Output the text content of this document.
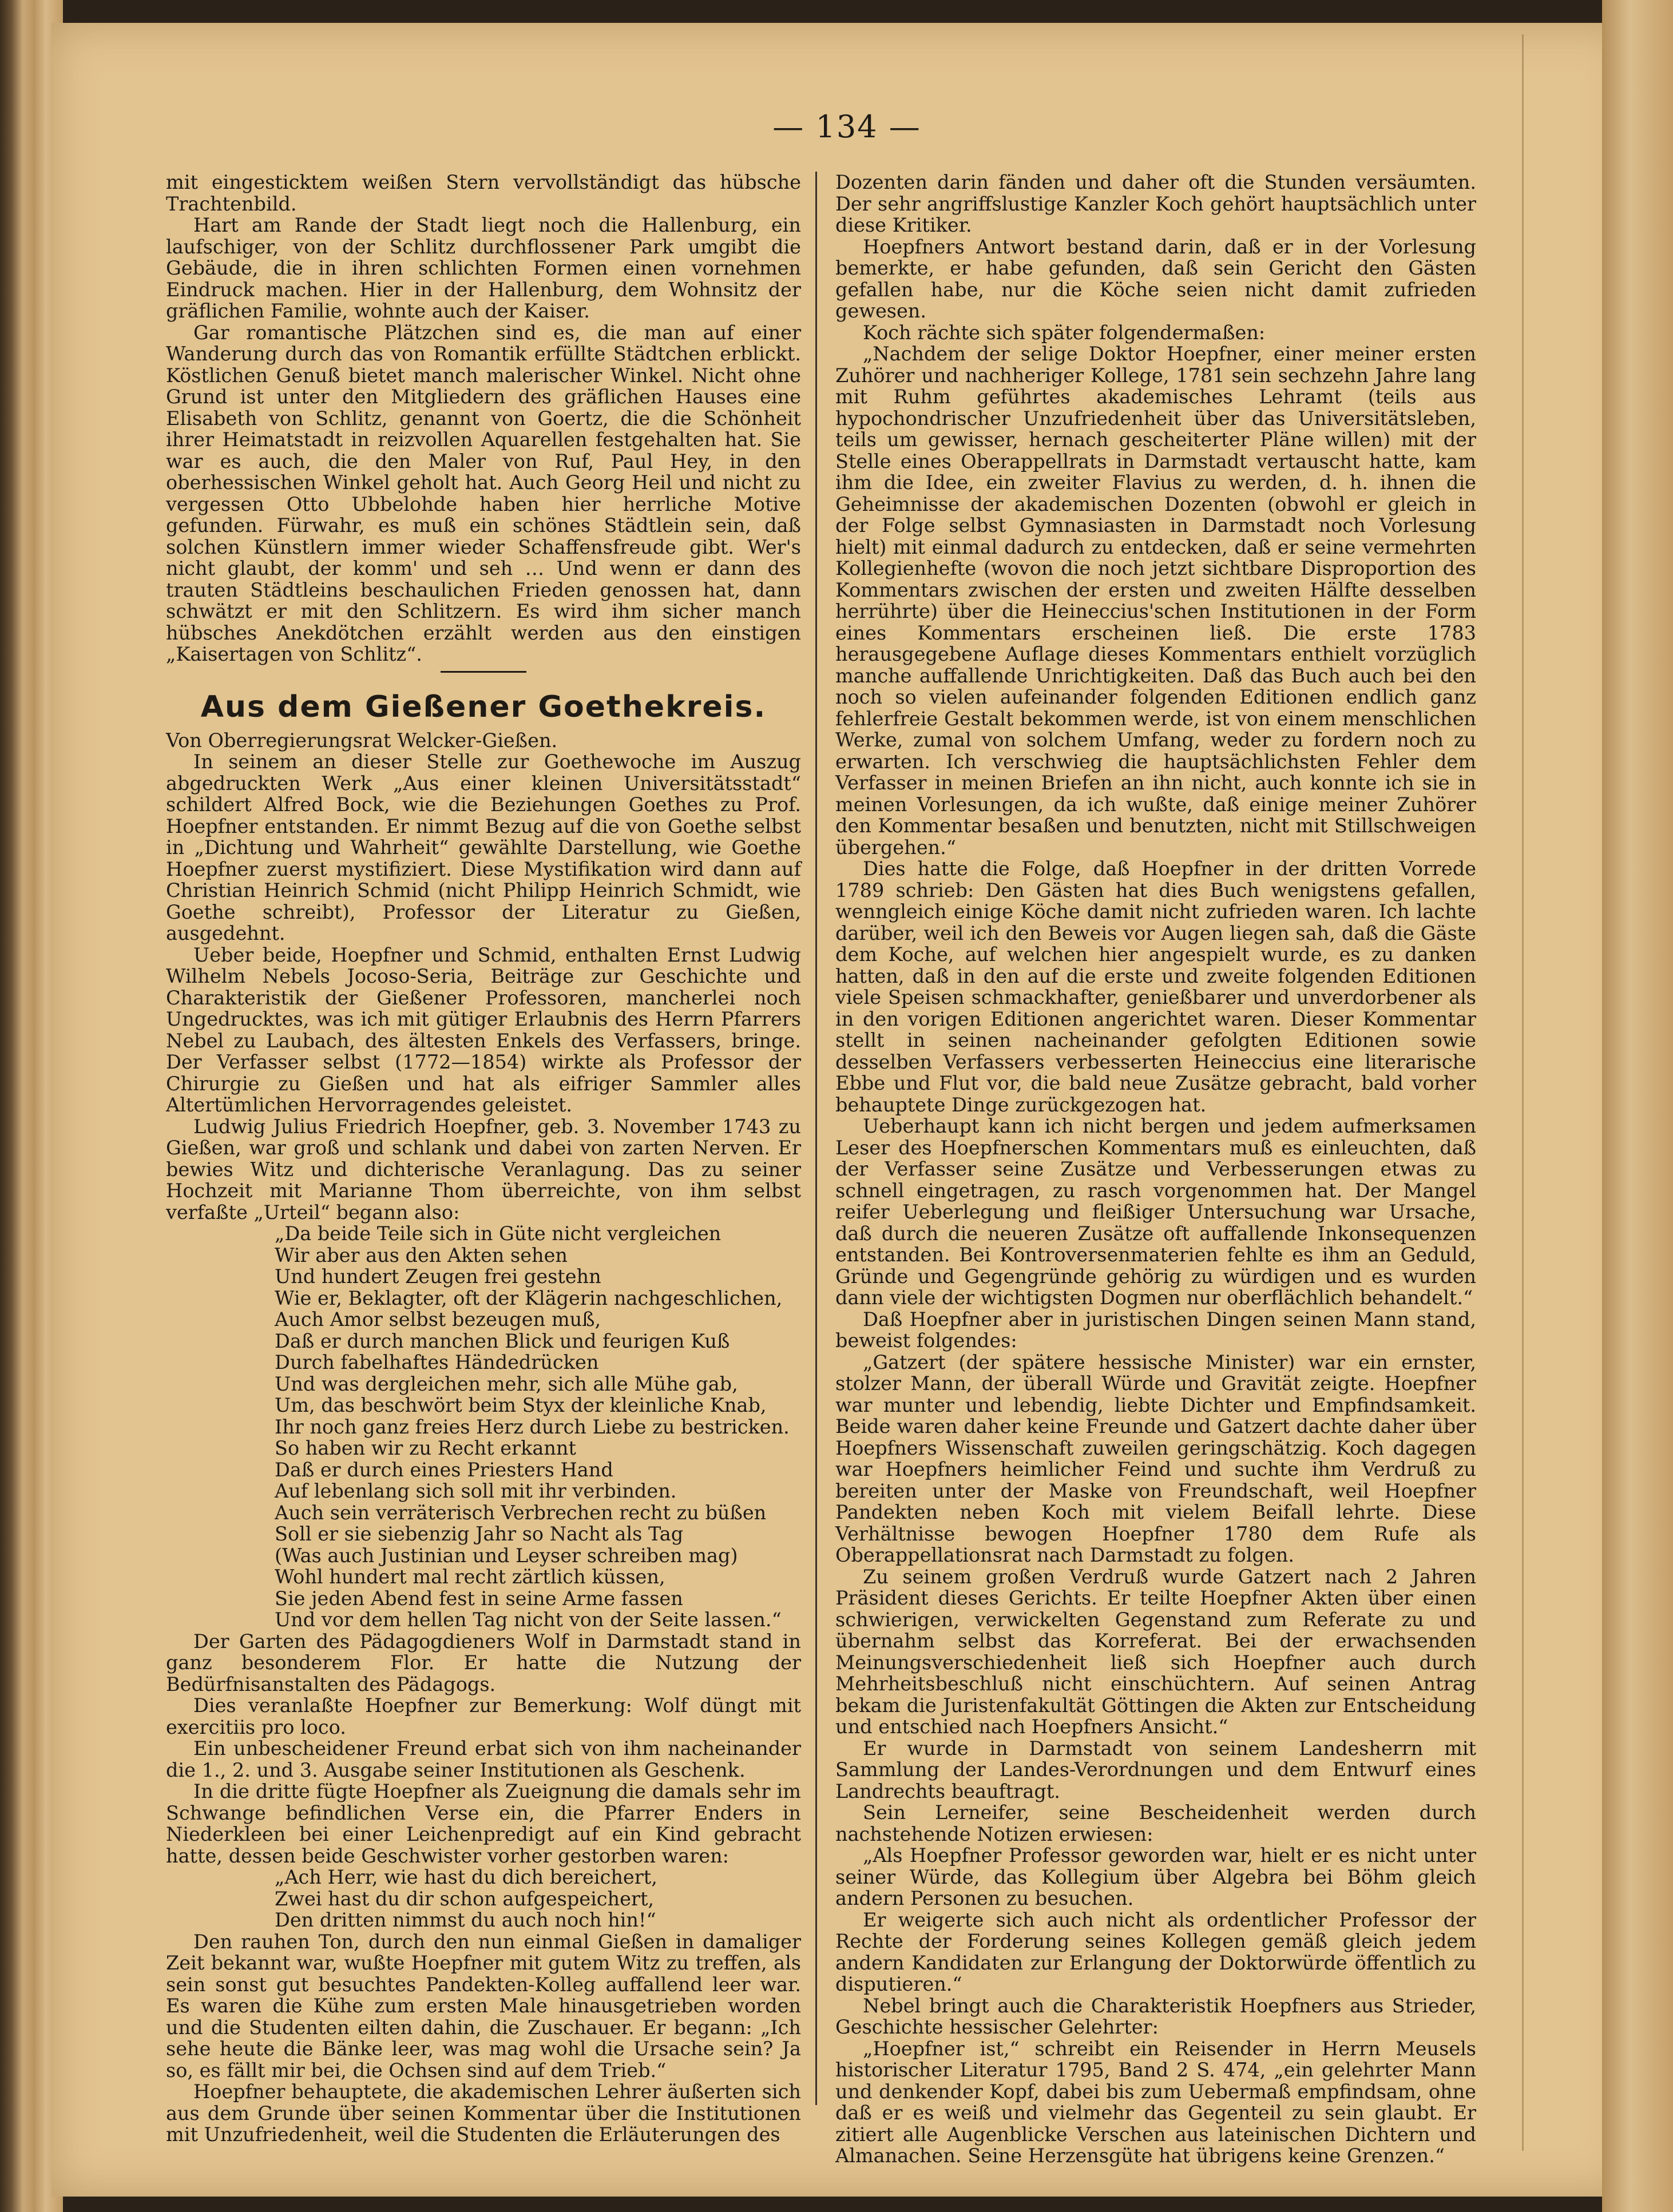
— 134 —

mit eingesticktem weißen Stern vervollständigt das hübsche Trachtenbild.

Hart am Rande der Stadt liegt noch die Hallenburg, ein laufschiger, von der Schlitz durchflossener Park umgibt die Gebäude, die in ihren schlichten Formen einen vornehmen Eindruck machen. Hier in der Hallenburg, dem Wohnsitz der gräflichen Familie, wohnte auch der Kaiser.

Gar romantische Plätzchen sind es, die man auf einer Wanderung durch das von Romantik erfüllte Städtchen erblickt. Köstlichen Genuß bietet manch malerischer Winkel. Nicht ohne Grund ist unter den Mitgliedern des gräflichen Hauses eine Elisabeth von Schlitz, genannt von Goertz, die die Schönheit ihrer Heimatstadt in reizvollen Aquarellen festgehalten hat. Sie war es auch, die den Maler von Ruf, Paul Hey, in den oberhessischen Winkel geholt hat. Auch Georg Heil und nicht zu vergessen Otto Ubbelohde haben hier herrliche Motive gefunden. Fürwahr, es muß ein schönes Städtlein sein, daß solchen Künstlern immer wieder Schaffensfreude gibt. Wer's nicht glaubt, der komm' und seh … Und wenn er dann des trauten Städtleins beschaulichen Frieden genossen hat, dann schwätzt er mit den Schlitzern. Es wird ihm sicher manch hübsches Anekdötchen erzählt werden aus den einstigen „Kaisertagen von Schlitz“.

Aus dem Gießener Goethekreis.

Von Oberregierungsrat Welcker-Gießen.

In seinem an dieser Stelle zur Goethewoche im Auszug abgedruckten Werk „Aus einer kleinen Universitätsstadt“ schildert Alfred Bock, wie die Beziehungen Goethes zu Prof. Hoepfner entstanden. Er nimmt Bezug auf die von Goethe selbst in „Dichtung und Wahrheit“ gewählte Darstellung, wie Goethe Hoepfner zuerst mystifiziert. Diese Mystifikation wird dann auf Christian Heinrich Schmid (nicht Philipp Heinrich Schmidt, wie Goethe schreibt), Professor der Literatur zu Gießen, ausgedehnt.

Ueber beide, Hoepfner und Schmid, enthalten Ernst Ludwig Wilhelm Nebels Jocoso-Seria, Beiträge zur Geschichte und Charakteristik der Gießener Professoren, mancherlei noch Ungedrucktes, was ich mit gütiger Erlaubnis des Herrn Pfarrers Nebel zu Laubach, des ältesten Enkels des Verfassers, bringe. Der Verfasser selbst (1772—1854) wirkte als Professor der Chirurgie zu Gießen und hat als eifriger Sammler alles Altertümlichen Hervorragendes geleistet.

Ludwig Julius Friedrich Hoepfner, geb. 3. November 1743 zu Gießen, war groß und schlank und dabei von zarten Nerven. Er bewies Witz und dichterische Veranlagung. Das zu seiner Hochzeit mit Marianne Thom überreichte, von ihm selbst verfaßte „Urteil“ begann also:

„Da beide Teile sich in Güte nicht vergleichen
Wir aber aus den Akten sehen
Und hundert Zeugen frei gestehn
Wie er, Beklagter, oft der Klägerin nachgeschlichen,
Auch Amor selbst bezeugen muß,
Daß er durch manchen Blick und feurigen Kuß
Durch fabelhaftes Händedrücken
Und was dergleichen mehr, sich alle Mühe gab,
Um, das beschwört beim Styx der kleinliche Knab,
Ihr noch ganz freies Herz durch Liebe zu bestricken.
So haben wir zu Recht erkannt
Daß er durch eines Priesters Hand
Auf lebenlang sich soll mit ihr verbinden.
Auch sein verräterisch Verbrechen recht zu büßen
Soll er sie siebenzig Jahr so Nacht als Tag
(Was auch Justinian und Leyser schreiben mag)
Wohl hundert mal recht zärtlich küssen,
Sie jeden Abend fest in seine Arme fassen
Und vor dem hellen Tag nicht von der Seite lassen.“

Der Garten des Pädagogdieners Wolf in Darmstadt stand in ganz besonderem Flor. Er hatte die Nutzung der Bedürfnisanstalten des Pädagogs.

Dies veranlaßte Hoepfner zur Bemerkung: Wolf düngt mit exercitiis pro loco.

Ein unbescheidener Freund erbat sich von ihm nacheinander die 1., 2. und 3. Ausgabe seiner Institutionen als Geschenk.

In die dritte fügte Hoepfner als Zueignung die damals sehr im Schwange befindlichen Verse ein, die Pfarrer Enders in Niederkleen bei einer Leichenpredigt auf ein Kind gebracht hatte, dessen beide Geschwister vorher gestorben waren:

„Ach Herr, wie hast du dich bereichert,
Zwei hast du dir schon aufgespeichert,
Den dritten nimmst du auch noch hin!“

Den rauhen Ton, durch den nun einmal Gießen in damaliger Zeit bekannt war, wußte Hoepfner mit gutem Witz zu treffen, als sein sonst gut besuchtes Pandekten-Kolleg auffallend leer war. Es waren die Kühe zum ersten Male hinausgetrieben worden und die Studenten eilten dahin, die Zuschauer. Er begann: „Ich sehe heute die Bänke leer, was mag wohl die Ursache sein? Ja so, es fällt mir bei, die Ochsen sind auf dem Trieb.“

Hoepfner behauptete, die akademischen Lehrer äußerten sich aus dem Grunde über seinen Kommentar über die Institutionen mit Unzufriedenheit, weil die Studenten die Erläuterungen des

Dozenten darin fänden und daher oft die Stunden versäumten. Der sehr angriffslustige Kanzler Koch gehört hauptsächlich unter diese Kritiker.

Hoepfners Antwort bestand darin, daß er in der Vorlesung bemerkte, er habe gefunden, daß sein Gericht den Gästen gefallen habe, nur die Köche seien nicht damit zufrieden gewesen.

Koch rächte sich später folgendermaßen:

„Nachdem der selige Doktor Hoepfner, einer meiner ersten Zuhörer und nachheriger Kollege, 1781 sein sechzehn Jahre lang mit Ruhm geführtes akademisches Lehramt (teils aus hypochondrischer Unzufriedenheit über das Universitätsleben, teils um gewisser, hernach gescheiterter Pläne willen) mit der Stelle eines Oberappellrats in Darmstadt vertauscht hatte, kam ihm die Idee, ein zweiter Flavius zu werden, d. h. ihnen die Geheimnisse der akademischen Dozenten (obwohl er gleich in der Folge selbst Gymnasiasten in Darmstadt noch Vorlesung hielt) mit einmal dadurch zu entdecken, daß er seine vermehrten Kollegienhefte (wovon die noch jetzt sichtbare Disproportion des Kommentars zwischen der ersten und zweiten Hälfte desselben herrührte) über die Heineccius'schen Institutionen in der Form eines Kommentars erscheinen ließ. Die erste 1783 herausgegebene Auflage dieses Kommentars enthielt vorzüglich manche auffallende Unrichtigkeiten. Daß das Buch auch bei den noch so vielen aufeinander folgenden Editionen endlich ganz fehlerfreie Gestalt bekommen werde, ist von einem menschlichen Werke, zumal von solchem Umfang, weder zu fordern noch zu erwarten. Ich verschwieg die hauptsächlichsten Fehler dem Verfasser in meinen Briefen an ihn nicht, auch konnte ich sie in meinen Vorlesungen, da ich wußte, daß einige meiner Zuhörer den Kommentar besaßen und benutzten, nicht mit Stillschweigen übergehen.“

Dies hatte die Folge, daß Hoepfner in der dritten Vorrede 1789 schrieb: Den Gästen hat dies Buch wenigstens gefallen, wenngleich einige Köche damit nicht zufrieden waren. Ich lachte darüber, weil ich den Beweis vor Augen liegen sah, daß die Gäste dem Koche, auf welchen hier angespielt wurde, es zu danken hatten, daß in den auf die erste und zweite folgenden Editionen viele Speisen schmackhafter, genießbarer und unverdorbener als in den vorigen Editionen angerichtet waren. Dieser Kommentar stellt in seinen nacheinander gefolgten Editionen sowie desselben Verfassers verbesserten Heineccius eine literarische Ebbe und Flut vor, die bald neue Zusätze gebracht, bald vorher behauptete Dinge zurückgezogen hat.

Ueberhaupt kann ich nicht bergen und jedem aufmerksamen Leser des Hoepfnerschen Kommentars muß es einleuchten, daß der Verfasser seine Zusätze und Verbesserungen etwas zu schnell eingetragen, zu rasch vorgenommen hat. Der Mangel reifer Ueberlegung und fleißiger Untersuchung war Ursache, daß durch die neueren Zusätze oft auffallende Inkonsequenzen entstanden. Bei Kontroversenmaterien fehlte es ihm an Geduld, Gründe und Gegengründe gehörig zu würdigen und es wurden dann viele der wichtigsten Dogmen nur oberflächlich behandelt.“

Daß Hoepfner aber in juristischen Dingen seinen Mann stand, beweist folgendes:

„Gatzert (der spätere hessische Minister) war ein ernster, stolzer Mann, der überall Würde und Gravität zeigte. Hoepfner war munter und lebendig, liebte Dichter und Empfindsamkeit. Beide waren daher keine Freunde und Gatzert dachte daher über Hoepfners Wissenschaft zuweilen geringschätzig. Koch dagegen war Hoepfners heimlicher Feind und suchte ihm Verdruß zu bereiten unter der Maske von Freundschaft, weil Hoepfner Pandekten neben Koch mit vielem Beifall lehrte. Diese Verhältnisse bewogen Hoepfner 1780 dem Rufe als Oberappellationsrat nach Darmstadt zu folgen.

Zu seinem großen Verdruß wurde Gatzert nach 2 Jahren Präsident dieses Gerichts. Er teilte Hoepfner Akten über einen schwierigen, verwickelten Gegenstand zum Referate zu und übernahm selbst das Korreferat. Bei der erwachsenden Meinungsverschiedenheit ließ sich Hoepfner auch durch Mehrheitsbeschluß nicht einschüchtern. Auf seinen Antrag bekam die Juristenfakultät Göttingen die Akten zur Entscheidung und entschied nach Hoepfners Ansicht.“

Er wurde in Darmstadt von seinem Landesherrn mit Sammlung der Landes-Verordnungen und dem Entwurf eines Landrechts beauftragt.

Sein Lerneifer, seine Bescheidenheit werden durch nachstehende Notizen erwiesen:

„Als Hoepfner Professor geworden war, hielt er es nicht unter seiner Würde, das Kollegium über Algebra bei Böhm gleich andern Personen zu besuchen.

Er weigerte sich auch nicht als ordentlicher Professor der Rechte der Forderung seines Kollegen gemäß gleich jedem andern Kandidaten zur Erlangung der Doktorwürde öffentlich zu disputieren.“

Nebel bringt auch die Charakteristik Hoepfners aus Strieder, Geschichte hessischer Gelehrter:

„Hoepfner ist,“ schreibt ein Reisender in Herrn Meusels historischer Literatur 1795, Band 2 S. 474, „ein gelehrter Mann und denkender Kopf, dabei bis zum Uebermaß empfindsam, ohne daß er es weiß und vielmehr das Gegenteil zu sein glaubt. Er zitiert alle Augenblicke Verschen aus lateinischen Dichtern und Almanachen. Seine Herzensgüte hat übrigens keine Grenzen.“
